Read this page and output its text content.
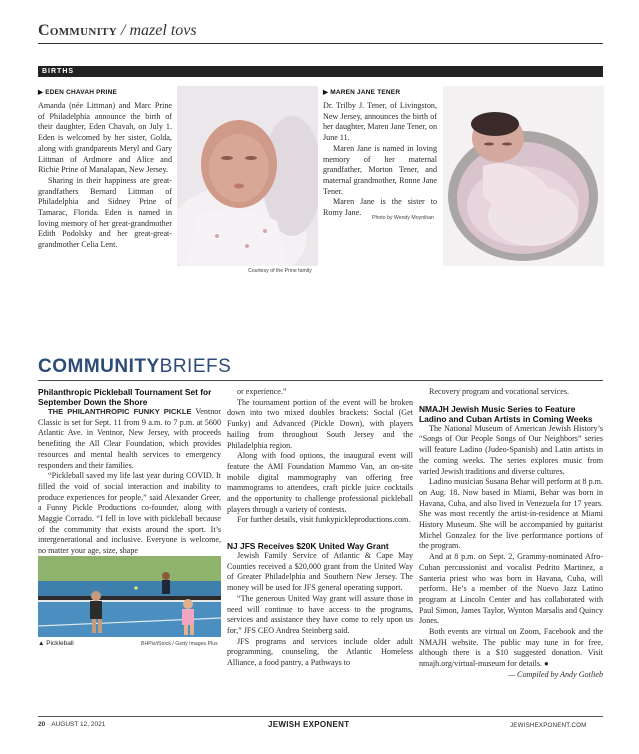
Community / mazel tovs
BIRTHS
▶ EDEN CHAVAH PRINE

Amanda (née Littman) and Marc Prine of Philadelphia announce the birth of their daughter, Eden Chavah, on July 1. Eden is welcomed by her sister, Golda, along with grandparents Meryl and Gary Littman of Ardmore and Alice and Richie Prine of Manalapan, New Jersey.

Sharing in their happiness are great-grandfathers Bernard Littman of Philadelphia and Sidney Prine of Tamarac, Florida. Eden is named in loving memory of her great-grandmother Edith Podolsky and her great-great-grandmother Celia Lent.

Courtesy of the Prine family
▶ MAREN JANE TENER

Dr. Trilby J. Tener, of Livingston, New Jersey, announces the birth of her daughter, Maren Jane Tener, on June 11.

Maren Jane is named in loving memory of her maternal grandfather, Morton Tener, and maternal grandmother, Ronne Jane Tener.

Maren Jane is the sister to Romy Jane.

Photo by Wendy Moynihan
COMMUNITYBRIEFS
Philanthropic Pickleball Tournament Set for September Down the Shore

THE PHILANTHROPIC FUNKY PICKLE Ventnor Classic is set for Sept. 11 from 9 a.m. to 7 p.m. at 5600 Atlantic Ave. in Ventnor, New Jersey, with proceeds benefiting the All Clear Foundation, which provides resources and mental health services to emergency responders and their families.

“Pickleball saved my life last year during COVID. It filled the void of social interaction and inability to produce experiences for people,” said Alexander Greer, a Funny Pickle Productions co-founder, along with Maggie Corrado. “I fell in love with pickleball because of the community that exists around the sport. It’s intergenerational and inclusive. Everyone is welcome, no matter your age, size, shape

▲ Pickleball	BHPix/iStock / Getty Images Plus

or experience.”

The tournament portion of the event will be broken down into two mixed doubles brackets: Social (Get Funky) and Advanced (Pickle Down), with players hailing from throughout South Jersey and the Philadelphia region.

Along with food options, the inaugural event will feature the AMI Foundation Mammo Van, an on-site mobile digital mammography van offering free mammograms to attendees, craft pickle juice cocktails and the opportunity to challenge professional pickleball players through a variety of contests.

For further details, visit funkypickleproductions.com.

NJ JFS Receives $20K United Way Grant

Jewish Family Service of Atlantic & Cape May Counties received a $20,000 grant from the United Way of Greater Philadelphia and Southern New Jersey. The money will be used for JFS general operating support.

“The generous United Way grant will assure those in need will continue to have access to the programs, services and assistance they have come to rely upon us for,” JFS CEO Andrea Steinberg said.

JFS programs and services include older adult programming, counseling, the Atlantic Homeless Alliance, a food pantry, a Pathways to

Recovery program and vocational services.

NMAJH Jewish Music Series to Feature Ladino and Cuban Artists in Coming Weeks

The National Museum of American Jewish History’s “Songs of Our People Songs of Our Neighbors” series will feature Ladino (Judeo-Spanish) and Latin artists in the coming weeks. The series explores music from varied Jewish traditions and diverse cultures.

Ladino musician Susana Behar will perform at 8 p.m. on Aug. 18. Now based in Miami, Behar was born in Havana, Cuba, and also lived in Venezuela for 17 years. She was most recently the artist-in-residence at Miami History Museum. She will be accompanied by guitarist Michel Gonzalez for the live performance portions of the program.

And at 8 p.m. on Sept. 2, Grammy-nominated Afro-Cuban percussionist and vocalist Pedrito Martinez, a Santeria priest who was born in Havana, Cuba, will perform. He’s a member of the Nuevo Jazz Latino program at Lincoln Center and has collaborated with Paul Simon, James Taylor, Wynton Marsalis and Quincy Jones.

Both events are virtual on Zoom, Facebook and the NMAJH website. The public may tune in for free, although there is a $10 suggested donation. Visit nmajh.org/virtual-museum for details. ●

— Compiled by Andy Gotlieb

20 AUGUST 12, 2021	JEWISH EXPONENT	JEWISHEXPONENT.COM
